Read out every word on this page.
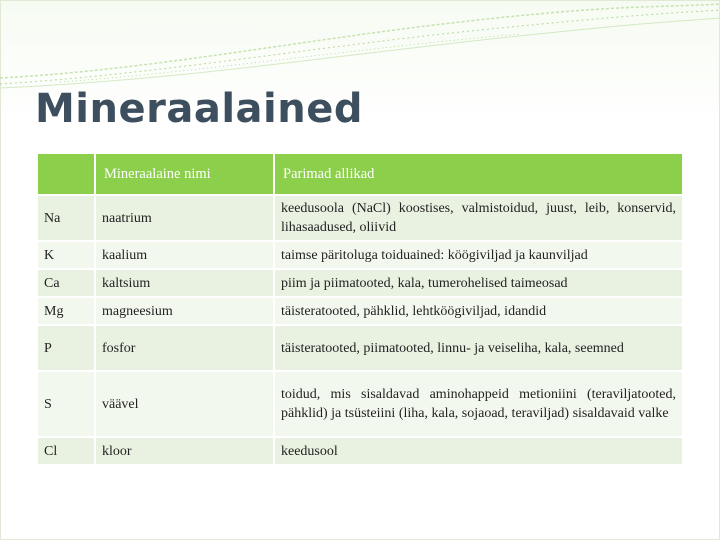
Mineraalained
	Mineraalaine nimi	Parimad allikad
Na	naatrium	keedusoola (NaCl) koostises, valmistoidud, juust, leib, konservid, lihasaadused, oliivid
K	kaalium	taimse päritoluga toiduained: köögiviljad ja kaunviljad
Ca	kaltsium	piim ja piimatooted, kala, tumerohelised taimeosad
Mg	magneesium	täisteratooted, pähklid, lehtköögiviljad, idandid
P	fosfor	täisteratooted, piimatooted, linnu- ja veiseliha, kala, seemned
S	väävel	toidud, mis sisaldavad aminohappeid metioniini (teraviljatooted, pähklid) ja tsüsteiini (liha, kala, sojaoad, teraviljad) sisaldavaid valke
Cl	kloor	keedusool
